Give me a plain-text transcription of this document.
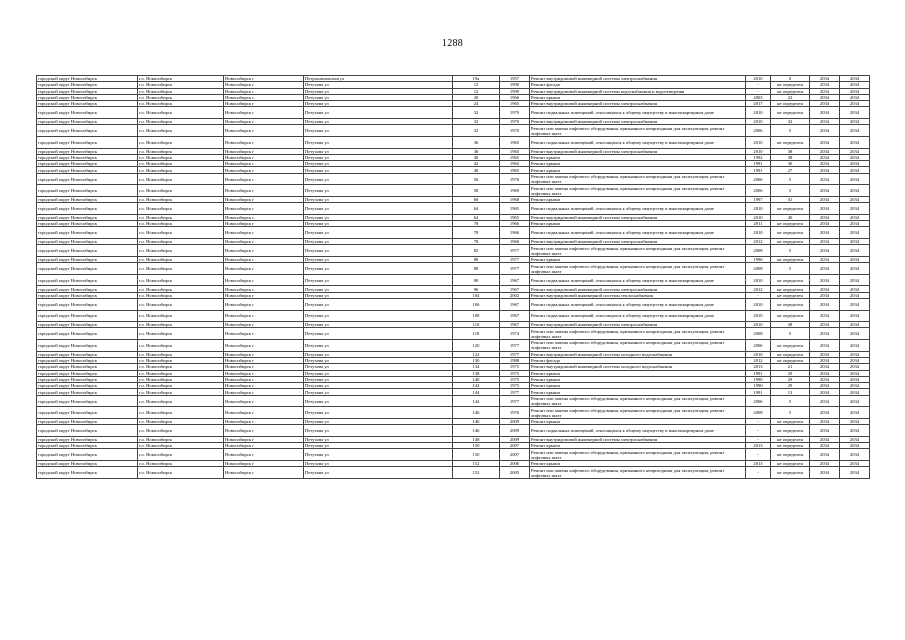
1288
городской округ Новосибирск	г.о. Новосибирск	Новосибирск г	Петропавловская ул	19а	1957	Ремонт внутридомовой инженерной системы электроснабжения	2010	0	2034	2034
городской округ Новосибирск	г.о. Новосибирск	Новосибирск г	Петухова ул	12	1990	Ремонт фасада	-	не определен	2034	2034
городской округ Новосибирск	г.о. Новосибирск	Новосибирск г	Петухова ул	12	1990	Ремонт внутридомовой инженерной системы водоснабжения и водоотведения	-	не определен	2034	2034
городской округ Новосибирск	г.о. Новосибирск	Новосибирск г	Петухова ул	20	1966	Ремонт крыши	2003	22	2034	2034
городской округ Новосибирск	г.о. Новосибирск	Новосибирск г	Петухова ул	24	1965	Ремонт внутридомовой инженерной системы электроснабжения	2017	не определен	2034	2034
городской округ Новосибирск	г.о. Новосибирск	Новосибирск г	Петухова ул	32	1970	Ремонт подвальных помещений, относящихся к общему имуществу в многоквартирном доме	2010	не определен	2034	2034
городской округ Новосибирск	г.о. Новосибирск	Новосибирск г	Петухова ул	32	1970	Ремонт внутридомовой инженерной системы электроснабжения	2010	32	2034	2034
городской округ Новосибирск	г.о. Новосибирск	Новосибирск г	Петухова ул	32	1970	Ремонт или замена лифтового оборудования, признанного непригодным для эксплуатации, ремонт лифтовых шахт	2006	5	2034	2034
городской округ Новосибирск	г.о. Новосибирск	Новосибирск г	Петухова ул	36	1965	Ремонт подвальных помещений, относящихся к общему имуществу в многоквартирном доме	2010	не определен	2034	2034
городской округ Новосибирск	г.о. Новосибирск	Новосибирск г	Петухова ул	36	1965	Ремонт внутридомовой инженерной системы электроснабжения	2010	38	2034	2034
городской округ Новосибирск	г.о. Новосибирск	Новосибирск г	Петухова ул	40	1965	Ремонт крыши	1992	38	2034	2034
городской округ Новосибирск	г.о. Новосибирск	Новосибирск г	Петухова ул	42	1965	Ремонт крыши	1991	30	2034	2034
городской округ Новосибирск	г.о. Новосибирск	Новосибирск г	Петухова ул	48	1965	Ремонт крыши	1991	27	2034	2034
городской округ Новосибирск	г.о. Новосибирск	Новосибирск г	Петухова ул	56	1976	Ремонт или замена лифтового оборудования, признанного непригодным для эксплуатации, ремонт лифтовых шахт	2006	5	2034	2034
городской округ Новосибирск	г.о. Новосибирск	Новосибирск г	Петухова ул	58	1969	Ремонт или замена лифтового оборудования, признанного непригодным для эксплуатации, ремонт лифтовых шахт	2006	5	2034	2034
городской округ Новосибирск	г.о. Новосибирск	Новосибирск г	Петухова ул	60	1968	Ремонт крыши	1997	41	2034	2034
городской округ Новосибирск	г.о. Новосибирск	Новосибирск г	Петухова ул	64	1965	Ремонт подвальных помещений, относящихся к общему имуществу в многоквартирном доме	2010	не определен	2034	2034
городской округ Новосибирск	г.о. Новосибирск	Новосибирск г	Петухова ул	64	1965	Ремонт внутридомовой инженерной системы электроснабжения	2010	40	2034	2034
городской округ Новосибирск	г.о. Новосибирск	Новосибирск г	Петухова ул	78	1966	Ремонт крыши	2011	не определен	2034	2034
городской округ Новосибирск	г.о. Новосибирск	Новосибирск г	Петухова ул	78	1966	Ремонт подвальных помещений, относящихся к общему имуществу в многоквартирном доме	2010	не определен	2034	2034
городской округ Новосибирск	г.о. Новосибирск	Новосибирск г	Петухова ул	78	1966	Ремонт внутридомовой инженерной системы электроснабжения	2012	не определен	2034	2034
городской округ Новосибирск	г.о. Новосибирск	Новосибирск г	Петухова ул	82	1977	Ремонт или замена лифтового оборудования, признанного непригодным для эксплуатации, ремонт лифтовых шахт	2008	5	2034	2034
городской округ Новосибирск	г.о. Новосибирск	Новосибирск г	Петухова ул	88	1977	Ремонт крыши	1996	не определен	2034	2034
городской округ Новосибирск	г.о. Новосибирск	Новосибирск г	Петухова ул	88	1977	Ремонт или замена лифтового оборудования, признанного непригодным для эксплуатации, ремонт лифтовых шахт	2008	5	2034	2034
городской округ Новосибирск	г.о. Новосибирск	Новосибирск г	Петухова ул	90	1967	Ремонт подвальных помещений, относящихся к общему имуществу в многоквартирном доме	2010	не определен	2034	2034
городской округ Новосибирск	г.о. Новосибирск	Новосибирск г	Петухова ул	96	1967	Ремонт внутридомовой инженерной системы электроснабжения	2012	не определен	2034	2034
городской округ Новосибирск	г.о. Новосибирск	Новосибирск г	Петухова ул	104	2002	Ремонт внутридомовой инженерной системы теплоснабжения	-	не определен	2034	2034
городской округ Новосибирск	г.о. Новосибирск	Новосибирск г	Петухова ул	106	1967	Ремонт подвальных помещений, относящихся к общему имуществу в многоквартирном доме	2010	не определен	2034	2034
городской округ Новосибирск	г.о. Новосибирск	Новосибирск г	Петухова ул	108	1967	Ремонт подвальных помещений, относящихся к общему имуществу в многоквартирном доме	2010	не определен	2034	2034
городской округ Новосибирск	г.о. Новосибирск	Новосибирск г	Петухова ул	110	1967	Ремонт внутридомовой инженерной системы электроснабжения	2010	38	2034	2034
городской округ Новосибирск	г.о. Новосибирск	Новосибирск г	Петухова ул	118	1974	Ремонт или замена лифтового оборудования, признанного непригодным для эксплуатации, ремонт лифтовых шахт	2008	5	2034	2034
городской округ Новосибирск	г.о. Новосибирск	Новосибирск г	Петухова ул	120	1977	Ремонт или замена лифтового оборудования, признанного непригодным для эксплуатации, ремонт лифтовых шахт	2006	не определен	2034	2034
городской округ Новосибирск	г.о. Новосибирск	Новосибирск г	Петухова ул	122	1977	Ремонт внутридомовой инженерной системы холодного водоснабжения	2010	не определен	2034	2034
городской округ Новосибирск	г.о. Новосибирск	Новосибирск г	Петухова ул	130	1988	Ремонт фасада	2012	не определен	2034	2034
городской округ Новосибирск	г.о. Новосибирск	Новосибирск г	Петухова ул	134	1975	Ремонт внутридомовой инженерной системы холодного водоснабжения	2013	21	2034	2034
городской округ Новосибирск	г.о. Новосибирск	Новосибирск г	Петухова ул	138	1975	Ремонт крыши	1991	29	2034	2034
городской округ Новосибирск	г.о. Новосибирск	Новосибирск г	Петухова ул	140	1975	Ремонт крыши	1990	29	2034	2034
городской округ Новосибирск	г.о. Новосибирск	Новосибирск г	Петухова ул	142	1975	Ремонт крыши	1990	29	2034	2034
городской округ Новосибирск	г.о. Новосибирск	Новосибирск г	Петухова ул	144	1977	Ремонт крыши	1991	13	2034	2034
городской округ Новосибирск	г.о. Новосибирск	Новосибирск г	Петухова ул	144	1977	Ремонт или замена лифтового оборудования, признанного непригодным для эксплуатации, ремонт лифтовых шахт	2006	5	2034	2034
городской округ Новосибирск	г.о. Новосибирск	Новосибирск г	Петухова ул	146	1976	Ремонт или замена лифтового оборудования, признанного непригодным для эксплуатации, ремонт лифтовых шахт	2008	5	2034	2034
городской округ Новосибирск	г.о. Новосибирск	Новосибирск г	Петухова ул	146	2009	Ремонт крыши	-	не определен	2034	2034
городской округ Новосибирск	г.о. Новосибирск	Новосибирск г	Петухова ул	146	2009	Ремонт подвальных помещений, относящихся к общему имуществу в многоквартирном доме	-	не определен	2034	2034
городской округ Новосибирск	г.о. Новосибирск	Новосибирск г	Петухова ул	148	2009	Ремонт внутридомовой инженерной системы электроснабжения	-	не определен	2034	2034
городской округ Новосибирск	г.о. Новосибирск	Новосибирск г	Петухова ул	150	2007	Ремонт крыши	2013	не определен	2034	2034
городской округ Новосибирск	г.о. Новосибирск	Новосибирск г	Петухова ул	150	2007	Ремонт или замена лифтового оборудования, признанного непригодным для эксплуатации, ремонт лифтовых шахт	-	не определен	2034	2034
городской округ Новосибирск	г.о. Новосибирск	Новосибирск г	Петухова ул	152	2006	Ремонт крыши	2013	не определен	2034	2034
городской округ Новосибирск	г.о. Новосибирск	Новосибирск г	Петухова ул	152	2005	Ремонт или замена лифтового оборудования, признанного непригодным для эксплуатации, ремонт лифтовых шахт	-	не определен	2034	2034
